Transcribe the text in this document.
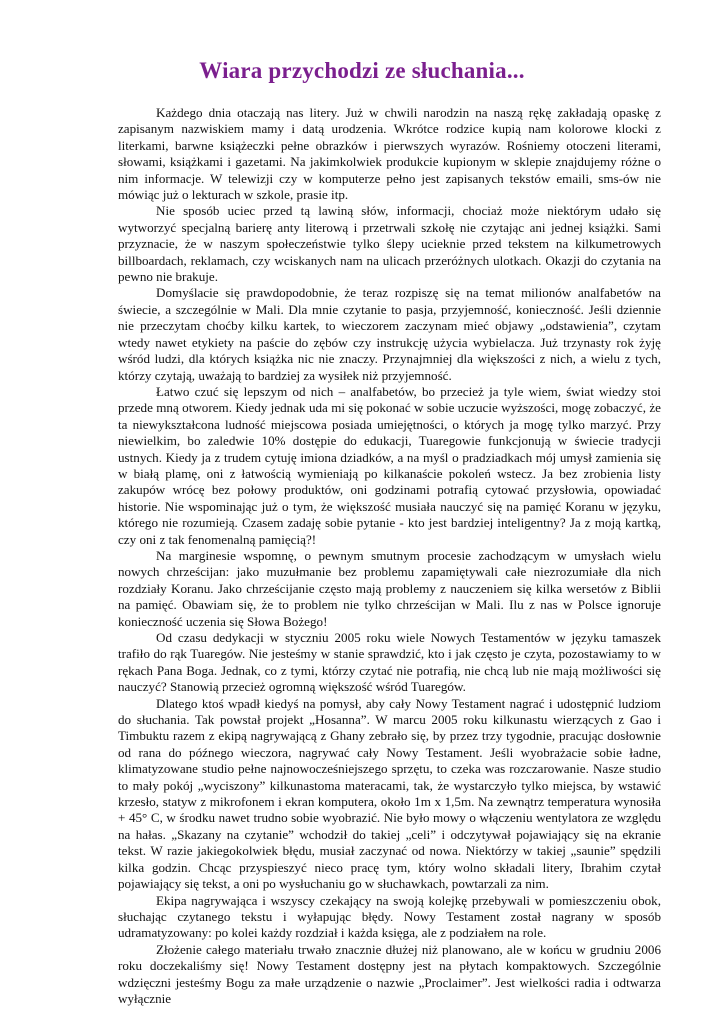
Wiara przychodzi ze słuchania...

Każdego dnia otaczają nas litery. Już w chwili narodzin na naszą rękę zakładają opaskę z zapisanym nazwiskiem mamy i datą urodzenia. Wkrótce rodzice kupią nam kolorowe klocki z literkami, barwne książeczki pełne obrazków i pierwszych wyrazów. Rośniemy otoczeni literami, słowami, książkami i gazetami. Na jakimkolwiek produkcie kupionym w sklepie znajdujemy różne o nim informacje. W telewizji czy w komputerze pełno jest zapisanych tekstów emaili, sms-ów nie mówiąc już o lekturach w szkole, prasie itp.

Nie sposób uciec przed tą lawiną słów, informacji, chociaż może niektórym udało się wytworzyć specjalną barierę anty literową i przetrwali szkołę nie czytając ani jednej książki. Sami przyznacie, że w naszym społeczeństwie tylko ślepy ucieknie przed tekstem na kilkumetrowych billboardach, reklamach, czy wciskanych nam na ulicach przeróżnych ulotkach. Okazji do czytania na pewno nie brakuje.

Domyślacie się prawdopodobnie, że teraz rozpiszę się na temat milionów analfabetów na świecie, a szczególnie w Mali. Dla mnie czytanie to pasja, przyjemność, konieczność. Jeśli dziennie nie przeczytam choćby kilku kartek, to wieczorem zaczynam mieć objawy „odstawienia”, czytam wtedy nawet etykiety na paście do zębów czy instrukcję użycia wybielacza. Już trzynasty rok żyję wśród ludzi, dla których książka nic nie znaczy. Przynajmniej dla większości z nich, a wielu z tych, którzy czytają, uważają to bardziej za wysiłek niż przyjemność.

Łatwo czuć się lepszym od nich – analfabetów, bo przecież ja tyle wiem, świat wiedzy stoi przede mną otworem. Kiedy jednak uda mi się pokonać w sobie uczucie wyższości, mogę zobaczyć, że ta niewykształcona ludność miejscowa posiada umiejętności, o których ja mogę tylko marzyć. Przy niewielkim, bo zaledwie 10% dostępie do edukacji, Tuaregowie funkcjonują w świecie tradycji ustnych. Kiedy ja z trudem cytuję imiona dziadków, a na myśl o pradziadkach mój umysł zamienia się w białą plamę, oni z łatwością wymieniają po kilkanaście pokoleń wstecz. Ja bez zrobienia listy zakupów wrócę bez połowy produktów, oni godzinami potrafią cytować przysłowia, opowiadać historie. Nie wspominając już o tym, że większość musiała nauczyć się na pamięć Koranu w języku, którego nie rozumieją. Czasem zadaję sobie pytanie - kto jest bardziej inteligentny? Ja z moją kartką, czy oni z tak fenomenalną pamięcią?!

Na marginesie wspomnę, o pewnym smutnym procesie zachodzącym w umysłach wielu nowych chrześcijan: jako muzułmanie bez problemu zapamiętywali całe niezrozumiałe dla nich rozdziały Koranu. Jako chrześcijanie często mają problemy z nauczeniem się kilka wersetów z Biblii na pamięć. Obawiam się, że to problem nie tylko chrześcijan w Mali. Ilu z nas w Polsce ignoruje konieczność uczenia się Słowa Bożego!

Od czasu dedykacji w styczniu 2005 roku wiele Nowych Testamentów w języku tamaszek trafiło do rąk Tuaregów. Nie jesteśmy w stanie sprawdzić, kto i jak często je czyta, pozostawiamy to w rękach Pana Boga. Jednak, co z tymi, którzy czytać nie potrafią, nie chcą lub nie mają możliwości się nauczyć? Stanowią przecież ogromną większość wśród Tuaregów.

Dlatego ktoś wpadł kiedyś na pomysł, aby cały Nowy Testament nagrać i udostępnić ludziom do słuchania. Tak powstał projekt „Hosanna”. W marcu 2005 roku kilkunastu wierzących z Gao i Timbuktu razem z ekipą nagrywającą z Ghany zebrało się, by przez trzy tygodnie, pracując dosłownie od rana do późnego wieczora, nagrywać cały Nowy Testament. Jeśli wyobrażacie sobie ładne, klimatyzowane studio pełne najnowocześniejszego sprzętu, to czeka was rozczarowanie. Nasze studio to mały pokój „wyciszony” kilkunastoma materacami, tak, że wystarczyło tylko miejsca, by wstawić krzesło, statyw z mikrofonem i ekran komputera, około 1m x 1,5m. Na zewnątrz temperatura wynosiła + 45° C, w środku nawet trudno sobie wyobrazić. Nie było mowy o włączeniu wentylatora ze względu na hałas. „Skazany na czytanie” wchodził do takiej „celi” i odczytywał pojawiający się na ekranie tekst. W razie jakiegokolwiek błędu, musiał zaczynać od nowa. Niektórzy w takiej „saunie” spędzili kilka godzin. Chcąc przyspieszyć nieco pracę tym, który wolno składali litery, Ibrahim czytał pojawiający się tekst, a oni po wysłuchaniu go w słuchawkach, powtarzali za nim.

Ekipa nagrywająca i wszyscy czekający na swoją kolejkę przebywali w pomieszczeniu obok, słuchając czytanego tekstu i wyłapując błędy. Nowy Testament został nagrany w sposób udramatyzowany: po kolei każdy rozdział i każda księga, ale z podziałem na role.

Złożenie całego materiału trwało znacznie dłużej niż planowano, ale w końcu w grudniu 2006 roku doczekaliśmy się! Nowy Testament dostępny jest na płytach kompaktowych. Szczególnie wdzięczni jesteśmy Bogu za małe urządzenie o nazwie „Proclaimer”. Jest wielkości radia i odtwarza wyłącznie
